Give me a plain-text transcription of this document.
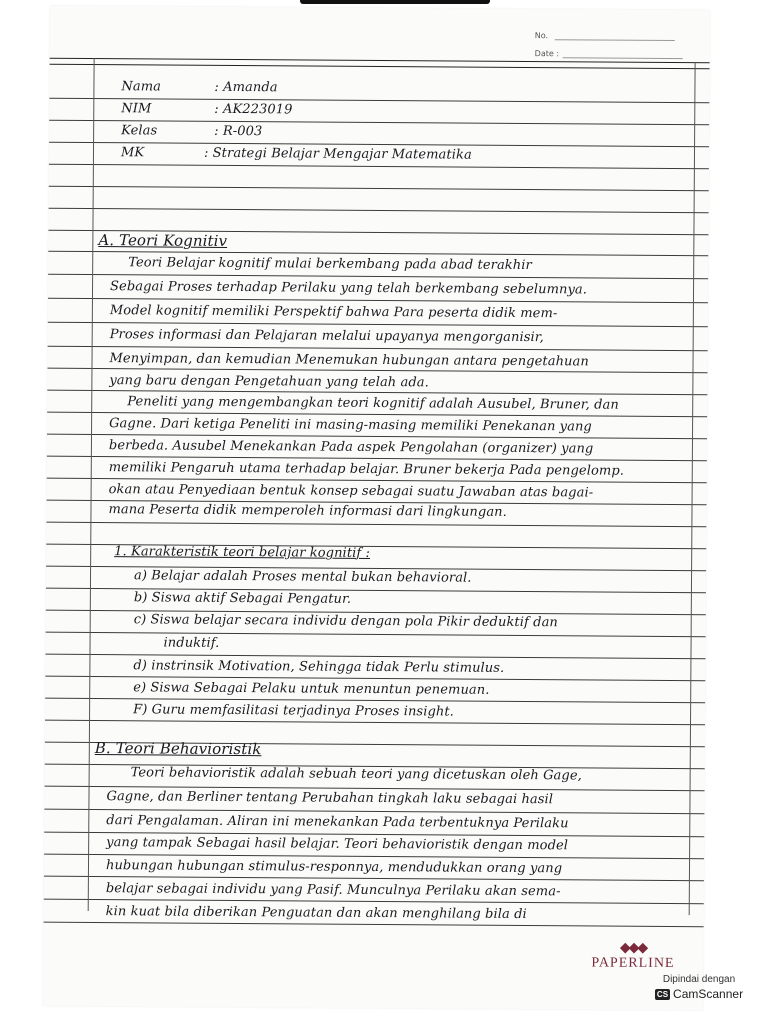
No.
Date :
Nama	: Amanda
NIM	: AK223019
Kelas	: R-003
MK	: Strategi Belajar Mengajar Matematika
A. Teori Kognitiv
Teori Belajar kognitif mulai berkembang pada abad terakhir
Sebagai Proses terhadap Perilaku yang telah berkembang sebelumnya.
Model kognitif memiliki Perspektif bahwa Para peserta didik mem-
Proses informasi dan Pelajaran melalui upayanya mengorganisir,
Menyimpan, dan kemudian Menemukan hubungan antara pengetahuan
yang baru dengan Pengetahuan yang telah ada.
Peneliti yang mengembangkan teori kognitif adalah Ausubel, Bruner, dan
Gagne. Dari ketiga Peneliti ini masing-masing memiliki Penekanan yang
berbeda. Ausubel Menekankan Pada aspek Pengolahan (organizer) yang
memiliki Pengaruh utama terhadap belajar. Bruner bekerja Pada pengelomp.
okan atau Penyediaan bentuk konsep sebagai suatu Jawaban atas bagai-
mana Peserta didik memperoleh informasi dari lingkungan.
1. Karakteristik teori belajar kognitif :
a) Belajar adalah Proses mental bukan behavioral.
b) Siswa aktif Sebagai Pengatur.
c) Siswa belajar secara individu dengan pola Pikir deduktif dan
induktif.
d) instrinsik Motivation, Sehingga tidak Perlu stimulus.
e) Siswa Sebagai Pelaku untuk menuntun penemuan.
F) Guru memfasilitasi terjadinya Proses insight.
B. Teori Behavioristik
Teori behavioristik adalah sebuah teori yang dicetuskan oleh Gage,
Gagne, dan Berliner tentang Perubahan tingkah laku sebagai hasil
dari Pengalaman. Aliran ini menekankan Pada terbentuknya Perilaku
yang tampak Sebagai hasil belajar. Teori behavioristik dengan model
hubungan hubungan stimulus-responnya, mendudukkan orang yang
belajar sebagai individu yang Pasif. Munculnya Perilaku akan sema-
kin kuat bila diberikan Penguatan dan akan menghilang bila di
◆◆◆
PAPERLINE
Dipindai dengan
CS CamScanner
